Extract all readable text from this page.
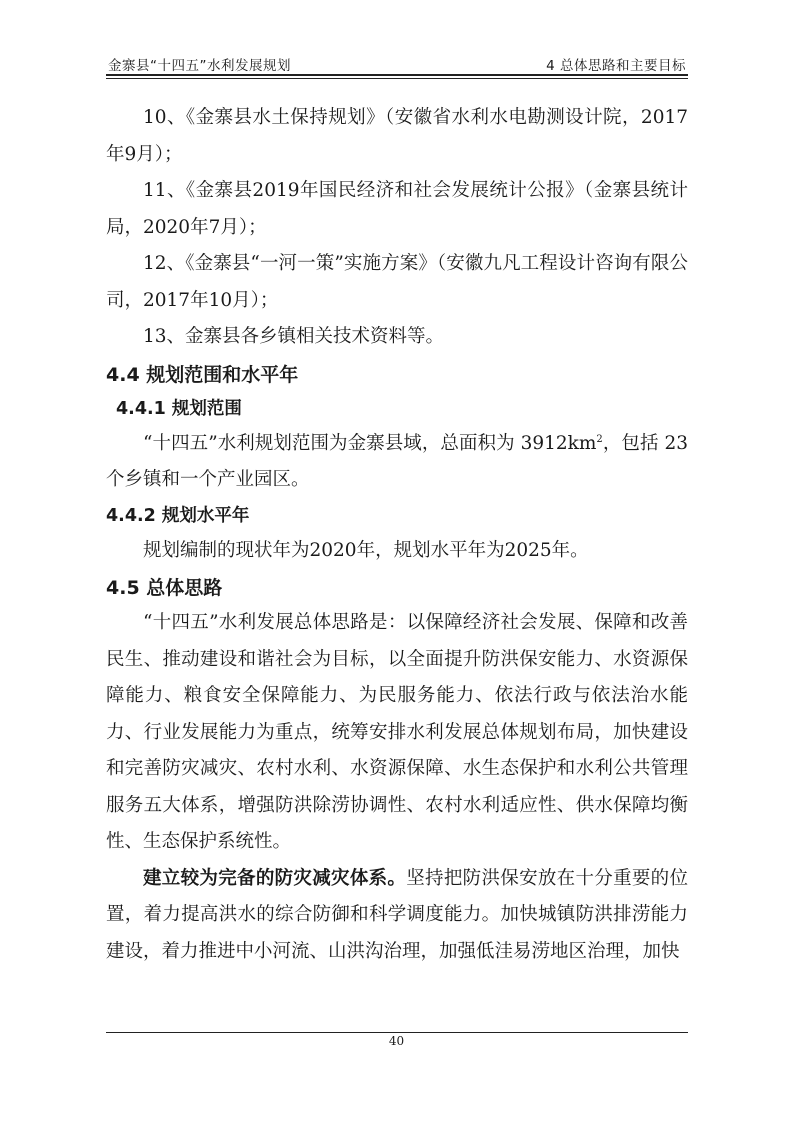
金寨县“十四五”水利发展规划	4 总体思路和主要目标

10、《金寨县水土保持规划》（安徽省水利水电勘测设计院，2017年9月）；

11、《金寨县2019年国民经济和社会发展统计公报》（金寨县统计局，2020年7月）；

12、《金寨县“一河一策”实施方案》（安徽九凡工程设计咨询有限公司，2017年10月）；

13、金寨县各乡镇相关技术资料等。

4.4 规划范围和水平年
4.4.1 规划范围

“十四五”水利规划范围为金寨县域，总面积为 $3912km^2$，包括 23个乡镇和一个产业园区。

4.4.2 规划水平年

规划编制的现状年为2020年，规划水平年为2025年。

4.5 总体思路

“十四五”水利发展总体思路是：以保障经济社会发展、保障和改善民生、推动建设和谐社会为目标，以全面提升防洪保安能力、水资源保障能力、粮食安全保障能力、为民服务能力、依法行政与依法治水能力、行业发展能力为重点，统筹安排水利发展总体规划布局，加快建设和完善防灾减灾、农村水利、水资源保障、水生态保护和水利公共管理服务五大体系，增强防洪除涝协调性、农村水利适应性、供水保障均衡性、生态保护系统性。

建立较为完备的防灾减灾体系。坚持把防洪保安放在十分重要的位置，着力提高洪水的综合防御和科学调度能力。加快城镇防洪排涝能力建设，着力推进中小河流、山洪沟治理，加强低洼易涝地区治理，加快

40
